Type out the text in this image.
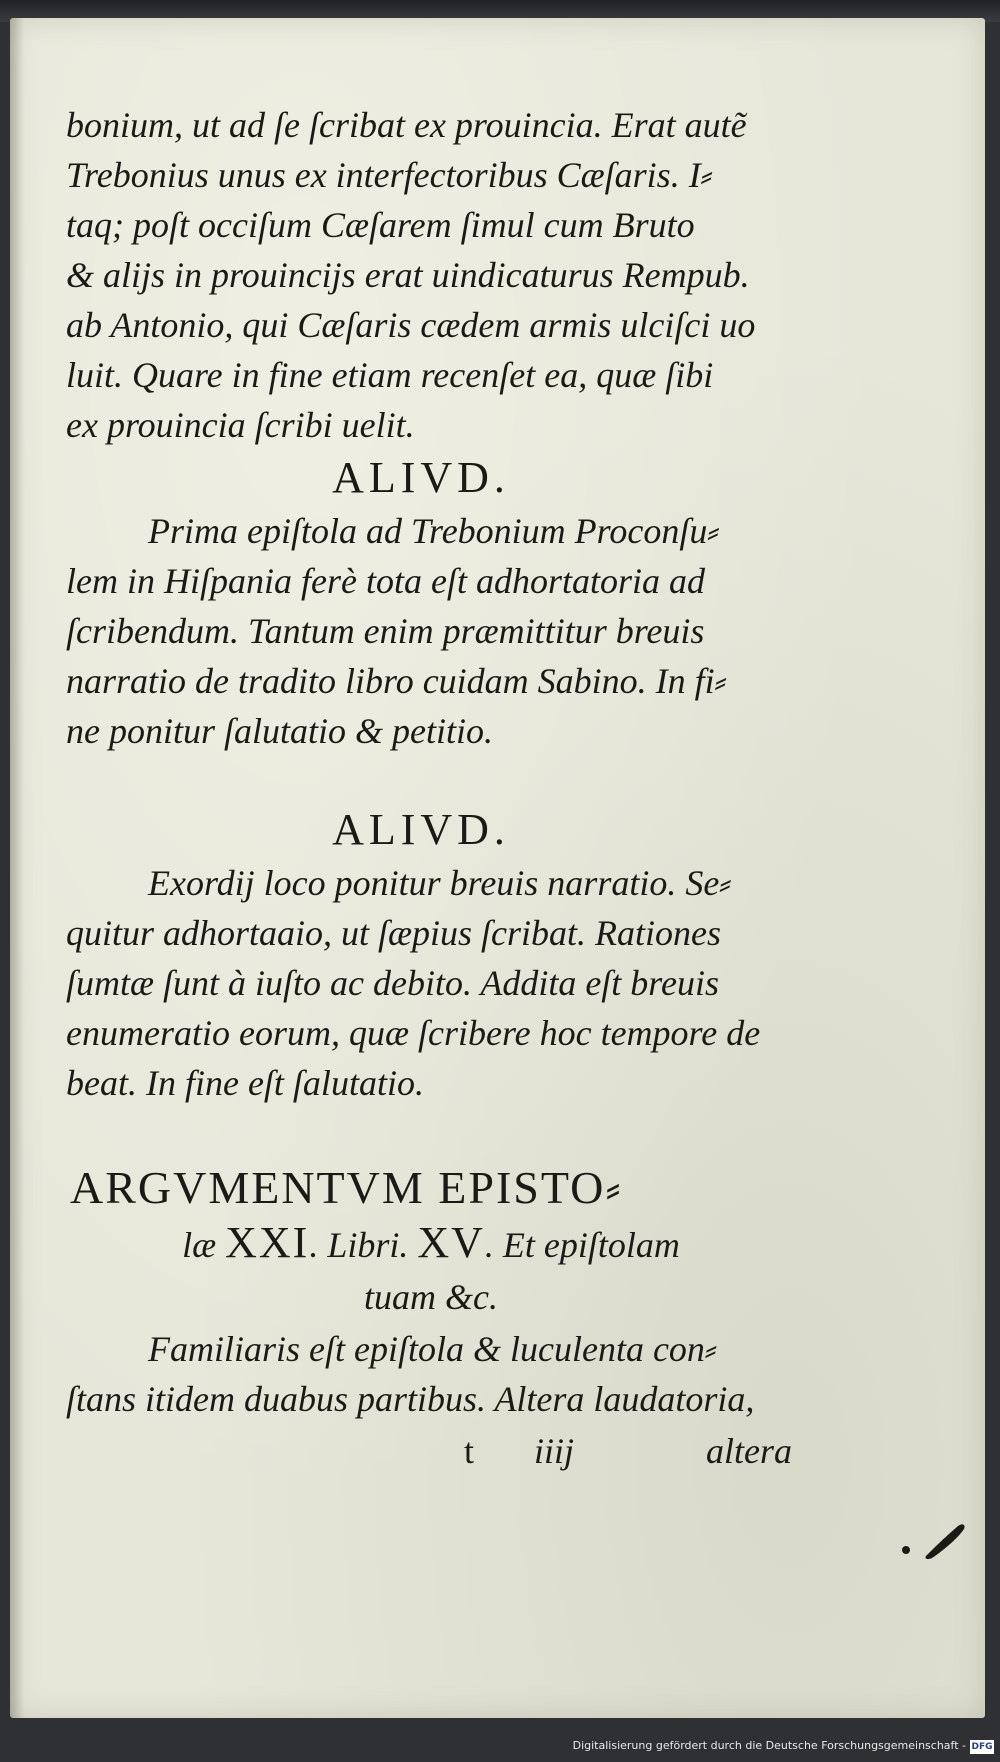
bonium, ut ad ſe ſcribat ex prouincia. Erat autẽ
Trebonius unus ex interfectoribus Cæſaris. I⸗
taq; poſt occiſum Cæſarem ſimul cum Bruto
& alijs in prouincijs erat uindicaturus Rempub.
ab Antonio, qui Cæſaris cædem armis ulciſci uo
luit. Quare in fine etiam recenſet ea, quæ ſibi
ex prouincia ſcribi uelit.
ALIVD.
Prima epiſtola ad Trebonium Proconſu⸗
lem in Hiſpania ferè tota eſt adhortatoria ad
ſcribendum. Tantum enim præmittitur breuis
narratio de tradito libro cuidam Sabino. In fi⸗
ne ponitur ſalutatio & petitio.
ALIVD.
Exordij loco ponitur breuis narratio. Se⸗
quitur adhortaaio, ut ſæpius ſcribat. Rationes
ſumtæ ſunt à iuſto ac debito. Addita eſt breuis
enumeratio eorum, quæ ſcribere hoc tempore de
beat. In fine eſt ſalutatio.
ARGVMENTVM EPISTO⸗
læ XXI. Libri. XV. Et epiſtolam
tuam &c.
Familiaris eſt epiſtola & luculenta con⸗
ſtans itidem duabus partibus. Altera laudatoria,
t iiij	altera
Digitalisierung gefördert durch die Deutsche Forschungsgemeinschaft - DFG
